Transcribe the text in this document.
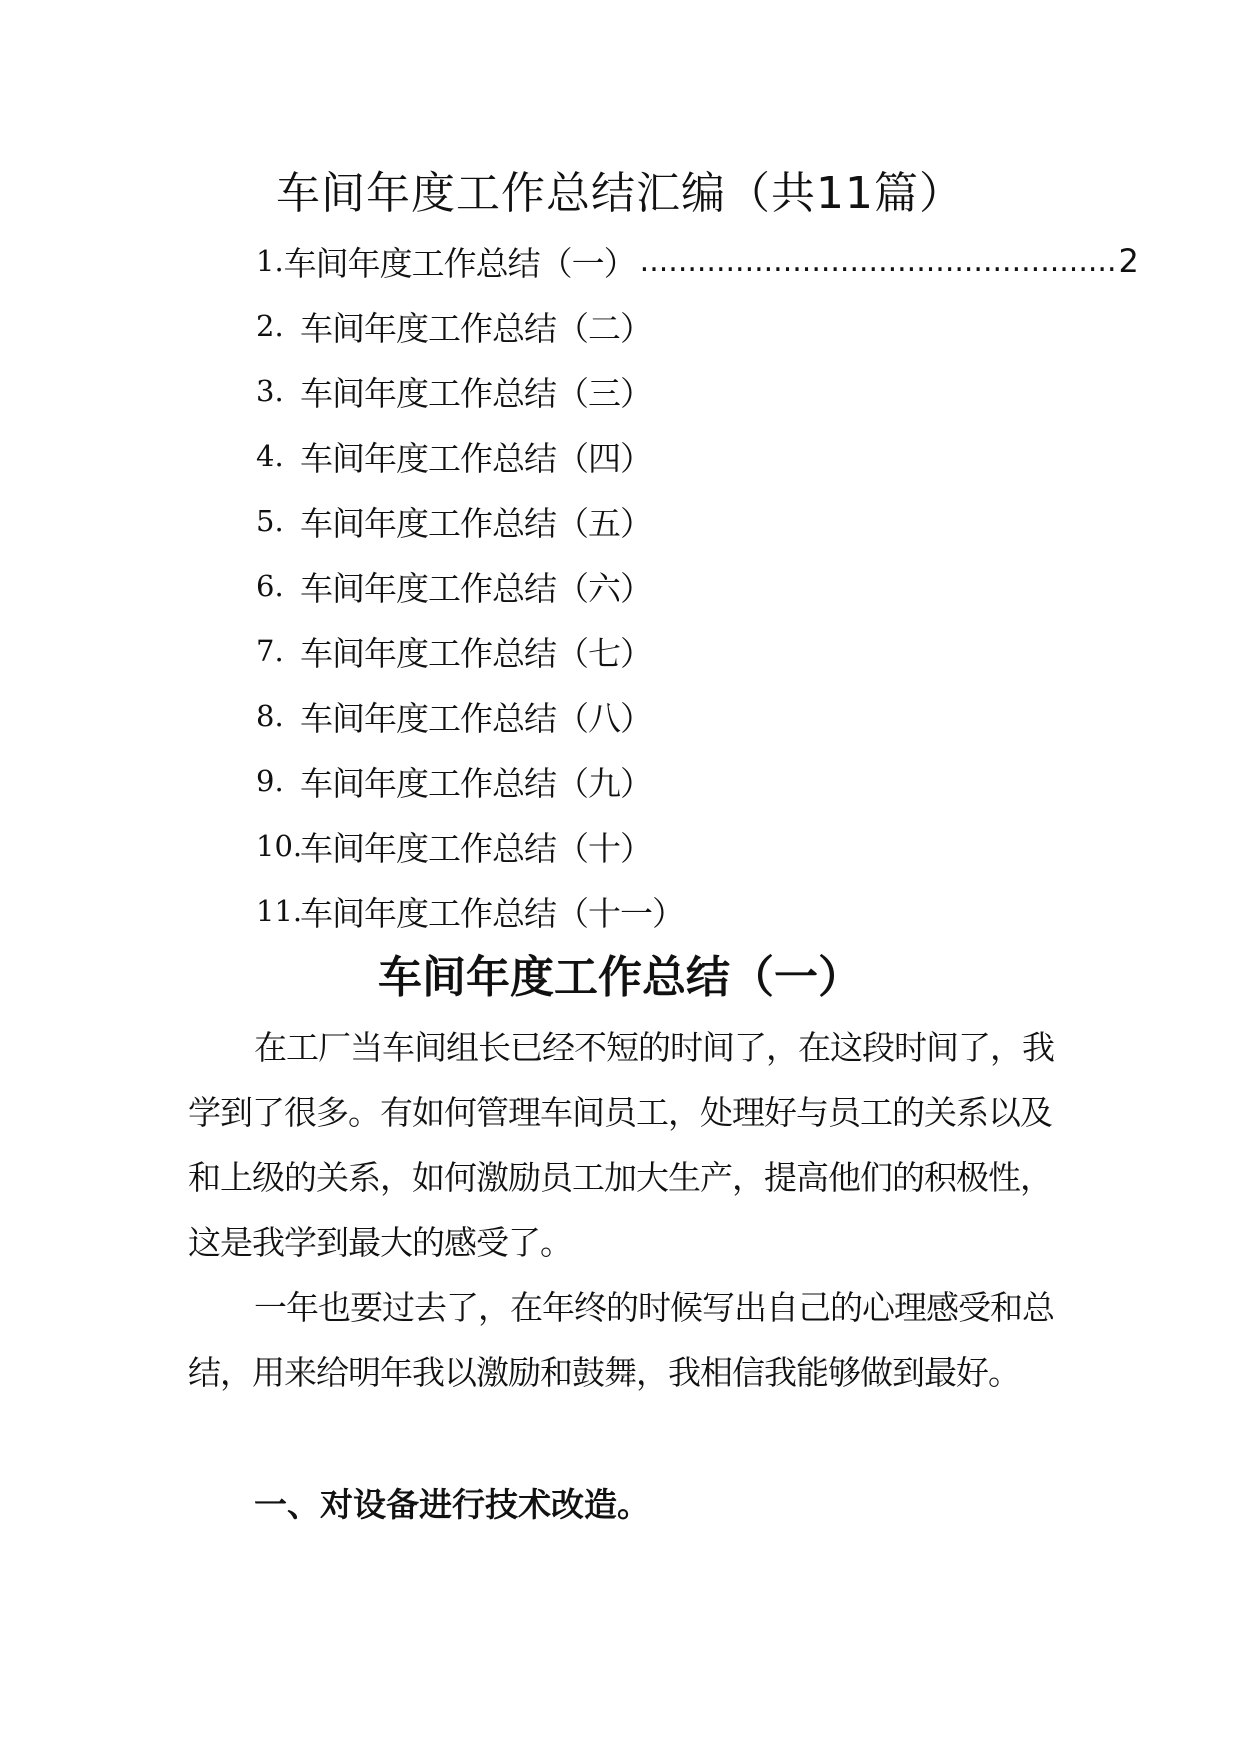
车间年度工作总结汇编（共11篇）
1. 车间年度工作总结（一） .................................................. 2
2. 车间年度工作总结（二）
3. 车间年度工作总结（三）
4. 车间年度工作总结（四）
5. 车间年度工作总结（五）
6. 车间年度工作总结（六）
7. 车间年度工作总结（七）
8. 车间年度工作总结（八）
9. 车间年度工作总结（九）
10.
车间年度工作总结（十）
11.
车间年度工作总结（十一）
车间年度工作总结（一）

在工厂当车间组长已经不短的时间了，在这段时间了，我学到了很多。有如何管理车间员工，处理好与员工的关系以及和上级的关系，如何激励员工加大生产，提高他们的积极性，这是我学到最大的感受了。

一年也要过去了，在年终的时候写出自己的心理感受和总结，用来给明年我以激励和鼓舞，我相信我能够做到最好。

一、对设备进行技术改造。
